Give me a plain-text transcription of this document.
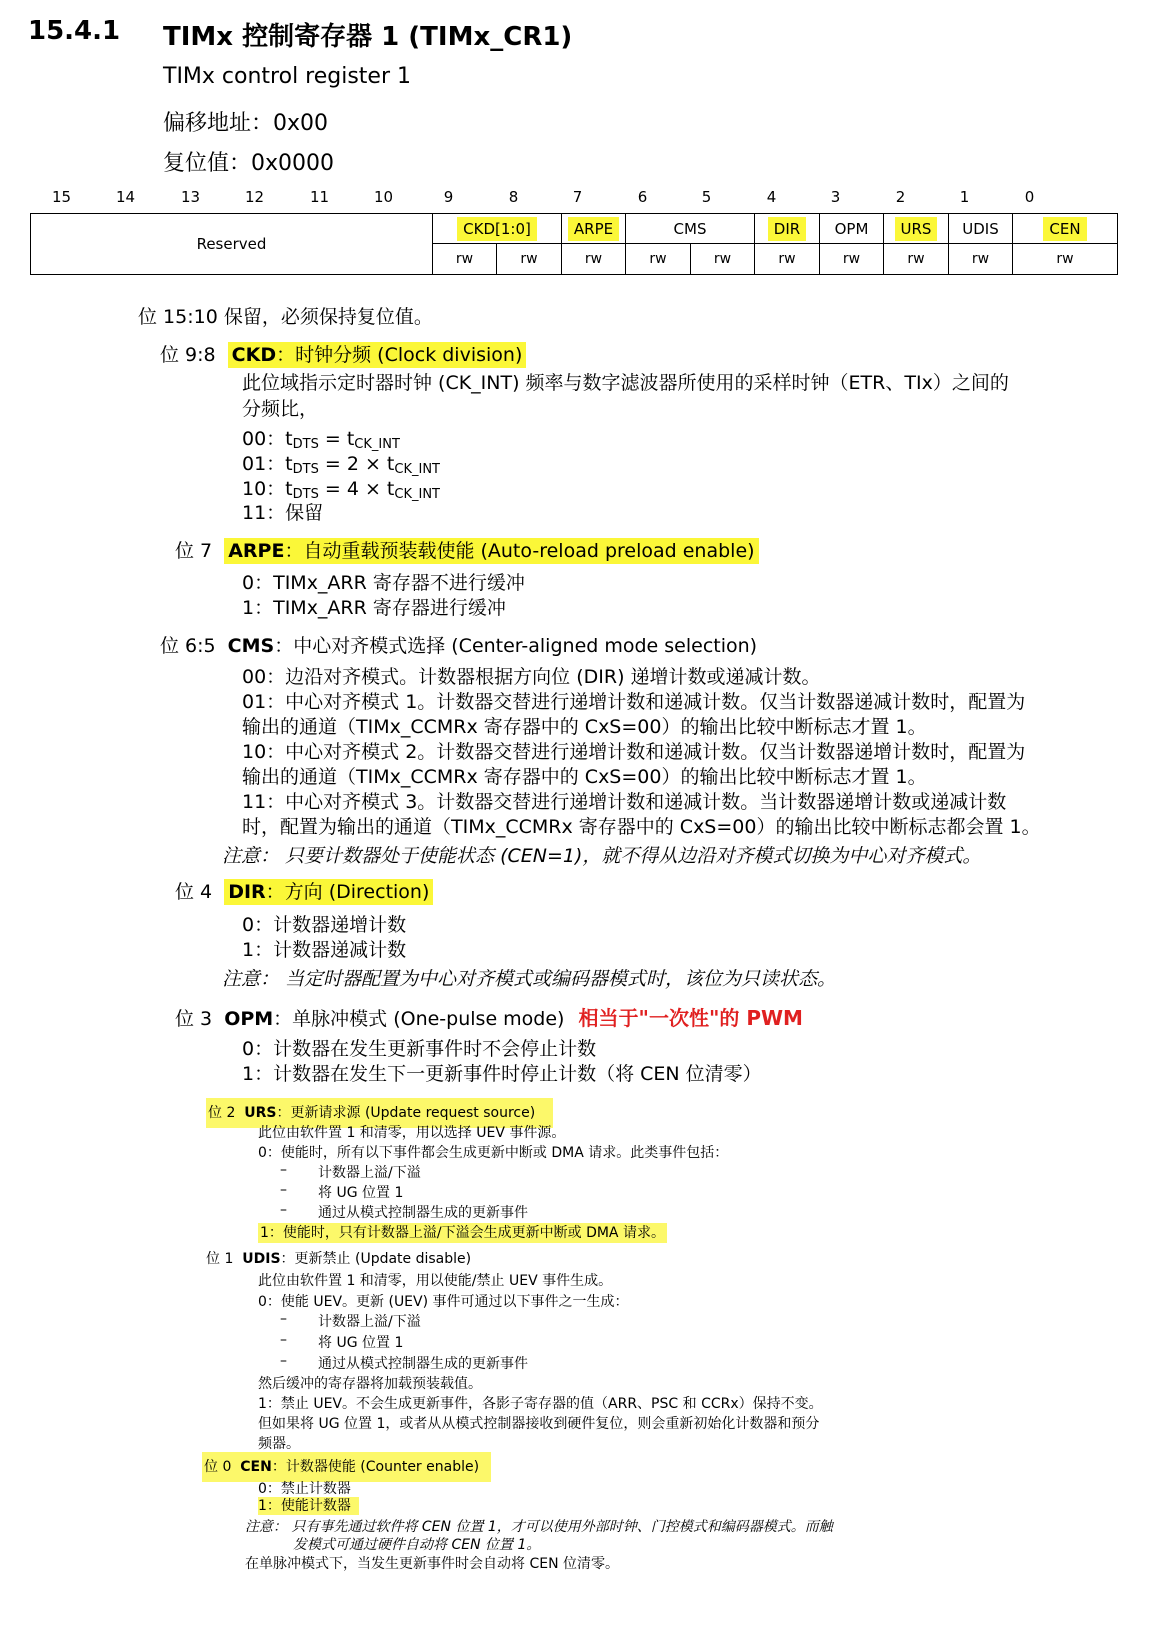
15.4.1 TIMx 控制寄存器 1 (TIMx_CR1)
TIMx control register 1
偏移地址：0x00
复位值：0x0000
15	14	13	12	11	10	9	8	7	6	5	4	3	2	1	0
Reserved
CKD[1:0]	ARPE	CMS	DIR	OPM	URS	UDIS	CEN
rw	rw	rw	rw	rw	rw	rw	rw	rw	rw
位 15:10 保留，必须保持复位值。
位 9:8 CKD：时钟分频 (Clock division)
此位域指示定时器时钟 (CK_INT) 频率与数字滤波器所使用的采样时钟（ETR、TIx）之间的
分频比，
00：$t_{DTS} = t_{CK\_INT}$
01：$t_{DTS} = 2 \times t_{CK\_INT}$
10：$t_{DTS} = 4 \times t_{CK\_INT}$
11：保留
位 7 ARPE：自动重载预装载使能 (Auto-reload preload enable)
0：TIMx_ARR 寄存器不进行缓冲
1：TIMx_ARR 寄存器进行缓冲
位 6:5 CMS：中心对齐模式选择 (Center-aligned mode selection)
00：边沿对齐模式。计数器根据方向位 (DIR) 递增计数或递减计数。
01：中心对齐模式 1。计数器交替进行递增计数和递减计数。仅当计数器递减计数时，配置为
输出的通道（TIMx_CCMRx 寄存器中的 CxS=00）的输出比较中断标志才置 1。
10：中心对齐模式 2。计数器交替进行递增计数和递减计数。仅当计数器递增计数时，配置为
输出的通道（TIMx_CCMRx 寄存器中的 CxS=00）的输出比较中断标志才置 1。
11：中心对齐模式 3。计数器交替进行递增计数和递减计数。当计数器递增计数或递减计数
时，配置为输出的通道（TIMx_CCMRx 寄存器中的 CxS=00）的输出比较中断标志都会置 1。
注意： 只要计数器处于使能状态 (CEN=1)，就不得从边沿对齐模式切换为中心对齐模式。
位 4 DIR：方向 (Direction)
0：计数器递增计数
1：计数器递减计数
注意： 当定时器配置为中心对齐模式或编码器模式时，该位为只读状态。
位 3 OPM：单脉冲模式 (One-pulse mode) 相当于"一次性"的 PWM
0：计数器在发生更新事件时不会停止计数
1：计数器在发生下一更新事件时停止计数（将 CEN 位清零）
位 2 URS：更新请求源 (Update request source)
此位由软件置 1 和清零，用以选择 UEV 事件源。
0：使能时，所有以下事件都会生成更新中断或 DMA 请求。此类事件包括：
– 计数器上溢/下溢
– 将 UG 位置 1
– 通过从模式控制器生成的更新事件
1：使能时，只有计数器上溢/下溢会生成更新中断或 DMA 请求。
位 1 UDIS：更新禁止 (Update disable)
此位由软件置 1 和清零，用以使能/禁止 UEV 事件生成。
0：使能 UEV。更新 (UEV) 事件可通过以下事件之一生成：
– 计数器上溢/下溢
– 将 UG 位置 1
– 通过从模式控制器生成的更新事件
然后缓冲的寄存器将加载预装载值。
1：禁止 UEV。不会生成更新事件，各影子寄存器的值（ARR、PSC 和 CCRx）保持不变。
但如果将 UG 位置 1，或者从从模式控制器接收到硬件复位，则会重新初始化计数器和预分
频器。
位 0 CEN：计数器使能 (Counter enable)
0：禁止计数器
1：使能计数器
注意： 只有事先通过软件将 CEN 位置 1，才可以使用外部时钟、门控模式和编码器模式。而触
发模式可通过硬件自动将 CEN 位置 1。
在单脉冲模式下，当发生更新事件时会自动将 CEN 位清零。
